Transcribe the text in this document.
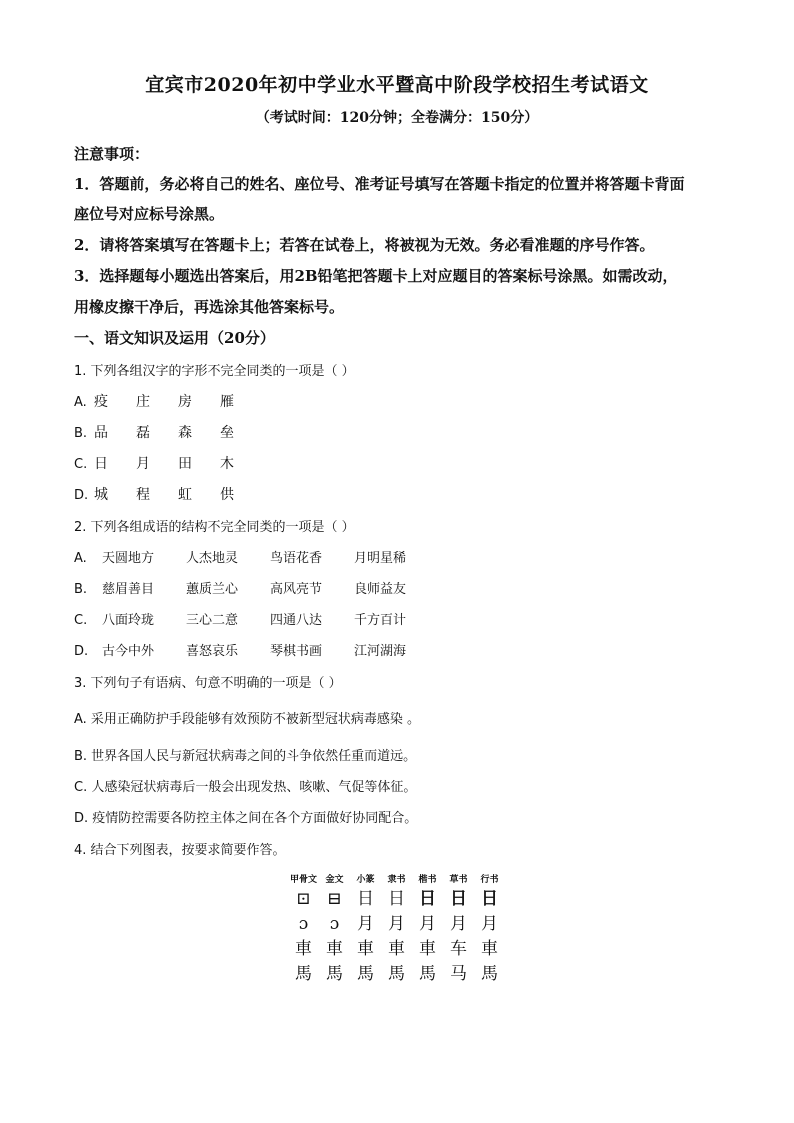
宜宾市2020年初中学业水平暨高中阶段学校招生考试语文
（考试时间：120分钟；全卷满分：150分）
注意事项：
1．答题前，务必将自己的姓名、座位号、准考证号填写在答题卡指定的位置并将答题卡背面
座位号对应标号涂黑。
2．请将答案填写在答题卡上；若答在试卷上，将被视为无效。务必看准题的序号作答。
3．选择题每小题选出答案后，用2B铅笔把答题卡上对应题目的答案标号涂黑。如需改动，
用橡皮擦干净后，再选涂其他答案标号。
一、语文知识及运用（20分）
1. 下列各组汉字的字形不完全同类的一项是（ ）
A. 疫 庄 房 雁
B. 品 磊 森 垒
C. 日 月 田 木
D. 城 程 虹 供
2. 下列各组成语的结构不完全同类的一项是（ ）
A. 天圆地方 人杰地灵 鸟语花香 月明星稀
B. 慈眉善目 蕙质兰心 高风亮节 良师益友
C. 八面玲珑 三心二意 四通八达 千方百计
D. 古今中外 喜怒哀乐 琴棋书画 江河湖海
3. 下列句子有语病、句意不明确的一项是（ ）
A. 采用正确防护手段能够有效预防不被新型冠状病毒感染 。
B. 世界各国人民与新冠状病毒之间的斗争依然任重而道远。
C. 人感染冠状病毒后一般会出现发热、咳嗽、气促等体征。
D. 疫情防控需要各防控主体之间在各个方面做好协同配合。
4. 结合下列图表，按要求简要作答。
甲骨文 金文	小篆	隶书	楷书	草书	行书
⊡ ⊟ 日 日 日 日 日
ɔ	ɔ	月 月 月 月 月
車 車 車 車 車 车 車
馬 馬 馬 馬 馬 马 馬
